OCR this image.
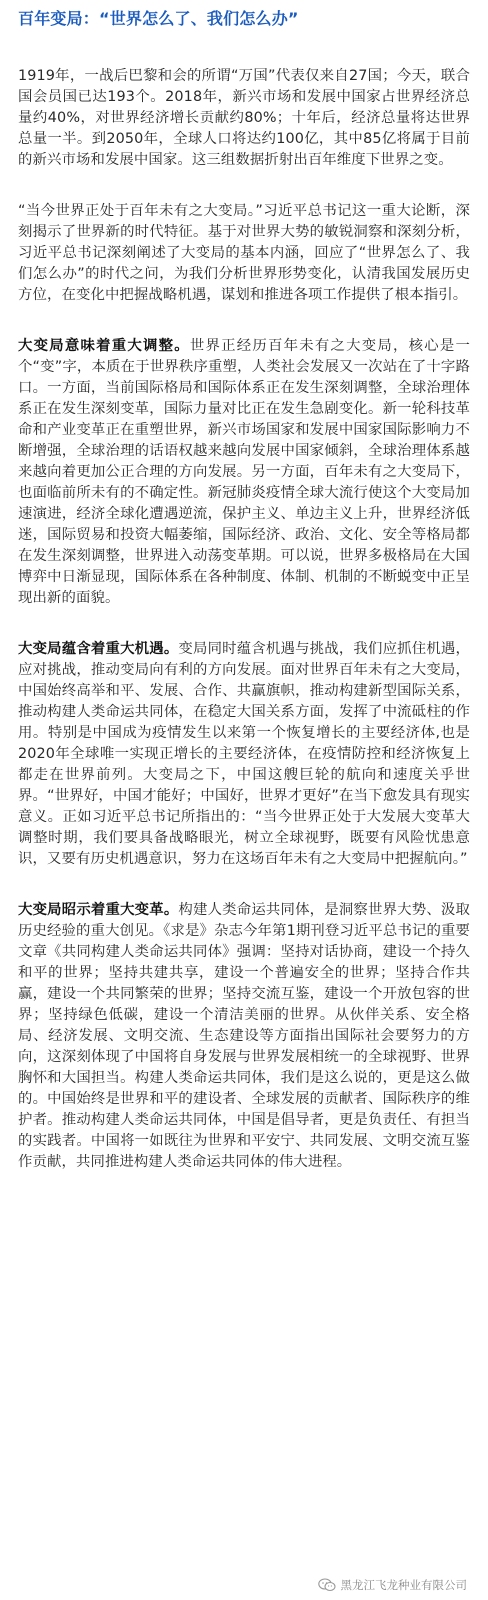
百年变局：“世界怎么了、我们怎么办”

1919年，一战后巴黎和会的所谓“万国”代表仅来自27国；今天，联合国会员国已达193个。2018年，新兴市场和发展中国家占世界经济总量约40%，对世界经济增长贡献约80%；十年后，经济总量将达世界总量一半。到2050年，全球人口将达约100亿，其中85亿将属于目前的新兴市场和发展中国家。这三组数据折射出百年维度下世界之变。

“当今世界正处于百年未有之大变局。”习近平总书记这一重大论断，深刻揭示了世界新的时代特征。基于对世界大势的敏锐洞察和深刻分析，习近平总书记深刻阐述了大变局的基本内涵，回应了“世界怎么了、我们怎么办”的时代之问，为我们分析世界形势变化，认清我国发展历史方位，在变化中把握战略机遇，谋划和推进各项工作提供了根本指引。

大变局意味着重大调整。世界正经历百年未有之大变局，核心是一个“变”字，本质在于世界秩序重塑，人类社会发展又一次站在了十字路口。一方面，当前国际格局和国际体系正在发生深刻调整，全球治理体系正在发生深刻变革，国际力量对比正在发生急剧变化。新一轮科技革命和产业变革正在重塑世界，新兴市场国家和发展中国家国际影响力不断增强，全球治理的话语权越来越向发展中国家倾斜，全球治理体系越来越向着更加公正合理的方向发展。另一方面，百年未有之大变局下，也面临前所未有的不确定性。新冠肺炎疫情全球大流行使这个大变局加速演进，经济全球化遭遇逆流，保护主义、单边主义上升，世界经济低迷，国际贸易和投资大幅萎缩，国际经济、政治、文化、安全等格局都在发生深刻调整，世界进入动荡变革期。可以说，世界多极格局在大国博弈中日渐显现，国际体系在各种制度、体制、机制的不断蜕变中正呈现出新的面貌。

大变局蕴含着重大机遇。变局同时蕴含机遇与挑战，我们应抓住机遇，应对挑战，推动变局向有利的方向发展。面对世界百年未有之大变局，中国始终高举和平、发展、合作、共赢旗帜，推动构建新型国际关系，推动构建人类命运共同体，在稳定大国关系方面，发挥了中流砥柱的作用。特别是中国成为疫情发生以来第一个恢复增长的主要经济体,也是2020年全球唯一实现正增长的主要经济体，在疫情防控和经济恢复上都走在世界前列。大变局之下，中国这艘巨轮的航向和速度关乎世界。“世界好，中国才能好；中国好，世界才更好”在当下愈发具有现实意义。正如习近平总书记所指出的：“当今世界正处于大发展大变革大调整时期，我们要具备战略眼光，树立全球视野，既要有风险忧患意识，又要有历史机遇意识，努力在这场百年未有之大变局中把握航向。”

大变局昭示着重大变革。构建人类命运共同体，是洞察世界大势、汲取历史经验的重大创见。《求是》杂志今年第1期刊登习近平总书记的重要文章《共同构建人类命运共同体》强调：坚持对话协商，建设一个持久和平的世界；坚持共建共享，建设一个普遍安全的世界；坚持合作共赢，建设一个共同繁荣的世界；坚持交流互鉴，建设一个开放包容的世界；坚持绿色低碳，建设一个清洁美丽的世界。从伙伴关系、安全格局、经济发展、文明交流、生态建设等方面指出国际社会要努力的方向，这深刻体现了中国将自身发展与世界发展相统一的全球视野、世界胸怀和大国担当。构建人类命运共同体，我们是这么说的，更是这么做的。中国始终是世界和平的建设者、全球发展的贡献者、国际秩序的维护者。推动构建人类命运共同体，中国是倡导者，更是负责任、有担当的实践者。中国将一如既往为世界和平安宁、共同发展、文明交流互鉴作贡献，共同推进构建人类命运共同体的伟大进程。

黑龙江飞龙种业有限公司
